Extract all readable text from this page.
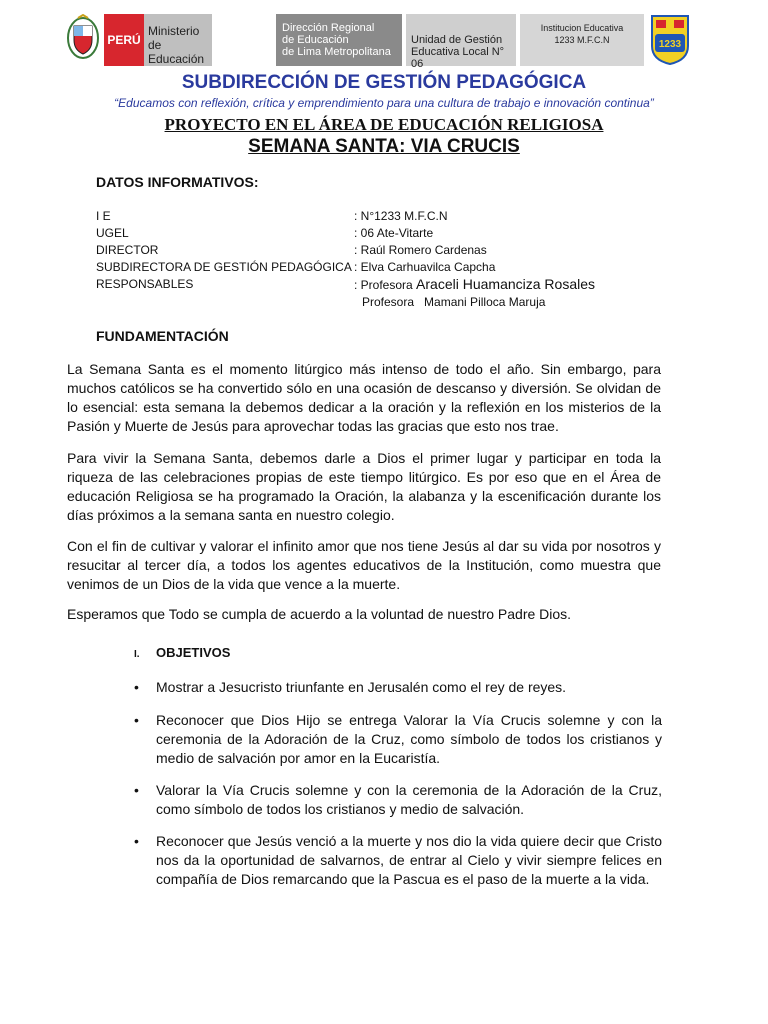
PERÚ
Ministerio
de Educación
Dirección Regional
de Educación
de Lima Metropolitana
Unidad de Gestión
Educativa Local N° 06
Institucion Educativa
1233 M.F.C.N	1233
SUBDIRECCIÓN DE GESTIÓN PEDAGÓGICA
“Educamos con reflexión, crítica y emprendimiento para una cultura de trabajo e innovación continua”
PROYECTO EN EL ÁREA DE EDUCACIÓN RELIGIOSA
SEMANA SANTA: VIA CRUCIS
DATOS INFORMATIVOS:
I E	: N°1233 M.F.C.N
UGEL	: 06 Ate-Vitarte
DIRECTOR	: Raúl Romero Cardenas
SUBDIRECTORA DE GESTIÓN PEDAGÓGICA : Elva Carhuavilca Capcha
RESPONSABLES	: Profesora Araceli Huamanciza Rosales
Profesora Mamani Pilloca Maruja
FUNDAMENTACIÓN
La Semana Santa es el momento litúrgico más intenso de todo el año. Sin embargo, para muchos católicos se ha convertido sólo en una ocasión de descanso y diversión. Se olvidan de lo esencial: esta semana la debemos dedicar a la oración y la reflexión en los misterios de la Pasión y Muerte de Jesús para aprovechar todas las gracias que esto nos trae.
Para vivir la Semana Santa, debemos darle a Dios el primer lugar y participar en toda la riqueza de las celebraciones propias de este tiempo litúrgico. Es por eso que en el Área de educación Religiosa se ha programado la Oración, la alabanza y la escenificación durante los días próximos a la semana santa en nuestro colegio.
Con el fin de cultivar y valorar el infinito amor que nos tiene Jesús al dar su vida por nosotros y resucitar al tercer día, a todos los agentes educativos de la Institución, como muestra que venimos de un Dios de la vida que vence a la muerte.
Esperamos que Todo se cumpla de acuerdo a la voluntad de nuestro Padre Dios.
I. OBJETIVOS
•	Mostrar a Jesucristo triunfante en Jerusalén como el rey de reyes.
•	Reconocer que Dios Hijo se entrega Valorar la Vía Crucis solemne y con la ceremonia de la Adoración de la Cruz, como símbolo de todos los cristianos y medio de salvación por amor en la Eucaristía.
•	Valorar la Vía Crucis solemne y con la ceremonia de la Adoración de la Cruz, como símbolo de todos los cristianos y medio de salvación.
•	Reconocer que Jesús venció a la muerte y nos dio la vida quiere decir que Cristo nos da la oportunidad de salvarnos, de entrar al Cielo y vivir siempre felices en compañía de Dios remarcando que la Pascua es el paso de la muerte a la vida.
